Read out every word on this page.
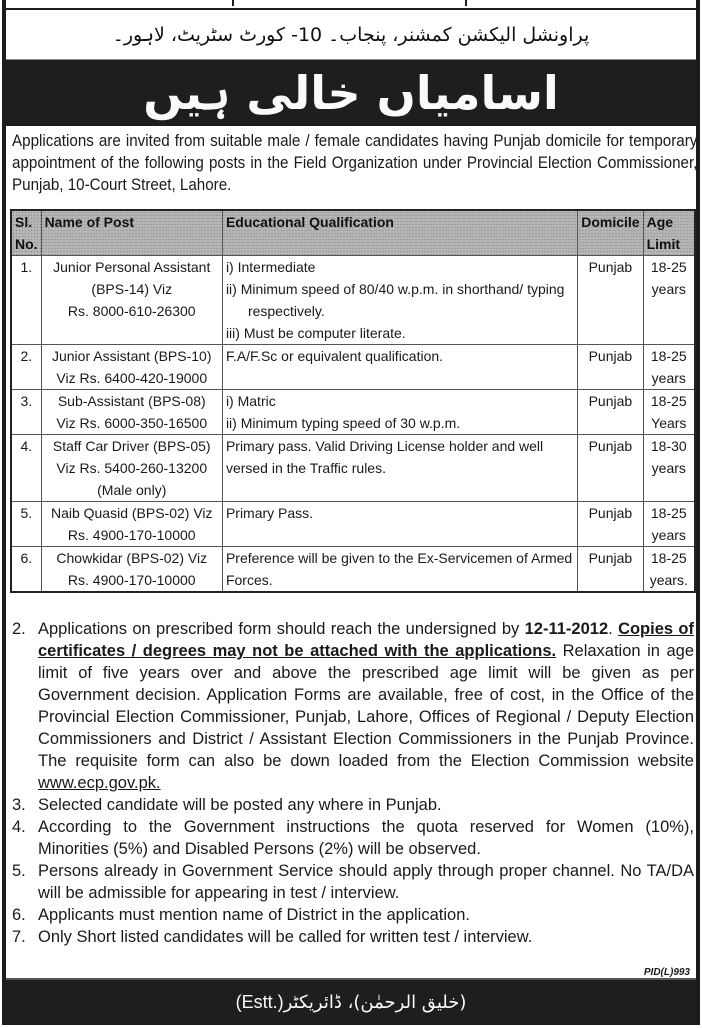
پراونشل الیکشن کمشنر، پنجاب۔ 10- کورٹ سٹریٹ، لاہور۔
اسامیاں خالی ہیں

Applications are invited from suitable male / female candidates having Punjab domicile for temporary appointment of the following posts in the Field Organization under Provincial Election Commissioner, Punjab, 10-Court Street, Lahore.

Sl.
No.	Name of Post	Educational Qualification	Domicile	Age
Limit
1.	Junior Personal Assistant
(BPS-14) Viz
Rs. 8000-610-26300	i) Intermediate
ii) Minimum speed of 80/40 w.p.m. in shorthand/ typing
respectively.
iii) Must be computer literate.	Punjab	18-25
years

2.	Junior Assistant (BPS-10)
Viz Rs. 6400-420-19000	F.A/F.Sc or equivalent qualification.	Punjab	18-25
years

3.	Sub-Assistant (BPS-08)
Viz Rs. 6000-350-16500	i) Matric
ii) Minimum typing speed of 30 w.p.m.	Punjab	18-25
Years

4.	Staff Car Driver (BPS-05)
Viz Rs. 5400-260-13200
(Male only)	Primary pass. Valid Driving License holder and well
versed in the Traffic rules.	Punjab	18-30
years

5.	Naib Quasid (BPS-02) Viz
Rs. 4900-170-10000	Primary Pass.	Punjab	18-25
years

6.	Chowkidar (BPS-02) Viz
Rs. 4900-170-10000	Preference will be given to the Ex-Servicemen of Armed
Forces.	Punjab	18-25
years.
2. Applications on prescribed form should reach the undersigned by 12-11-2012. Copies of certificates / degrees may not be attached with the applications. Relaxation in age limit of five years over and above the prescribed age limit will be given as per Government decision. Application Forms are available, free of cost, in the Office of the Provincial Election Commissioner, Punjab, Lahore, Offices of Regional / Deputy Election Commissioners and District / Assistant Election Commissioners in the Punjab Province. The requisite form can also be down loaded from the Election Commission website www.ecp.gov.pk.
3. Selected candidate will be posted any where in Punjab.
4. According to the Government instructions the quota reserved for Women (10%), Minorities (5%) and Disabled Persons (2%) will be observed.
5. Persons already in Government Service should apply through proper channel. No TA/DA will be admissible for appearing in test / interview.
6. Applicants must mention name of District in the application.
7. Only Short listed candidates will be called for written test / interview.
PID(L)993
(Estt.) (خلیق الرحمٰن)، ڈائریکٹر
